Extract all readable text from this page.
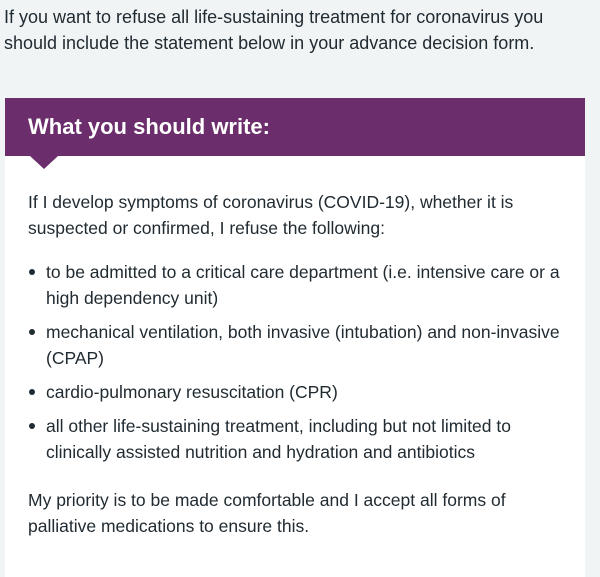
If you want to refuse all life-sustaining treatment for coronavirus you should include the statement below in your advance decision form.

What you should write:

If I develop symptoms of coronavirus (COVID-19), whether it is suspected or confirmed, I refuse the following:

to be admitted to a critical care department (i.e. intensive care or a high dependency unit)
mechanical ventilation, both invasive (intubation) and non-invasive (CPAP)
cardio-pulmonary resuscitation (CPR)
all other life-sustaining treatment, including but not limited to clinically assisted nutrition and hydration and antibiotics

My priority is to be made comfortable and I accept all forms of palliative medications to ensure this.
